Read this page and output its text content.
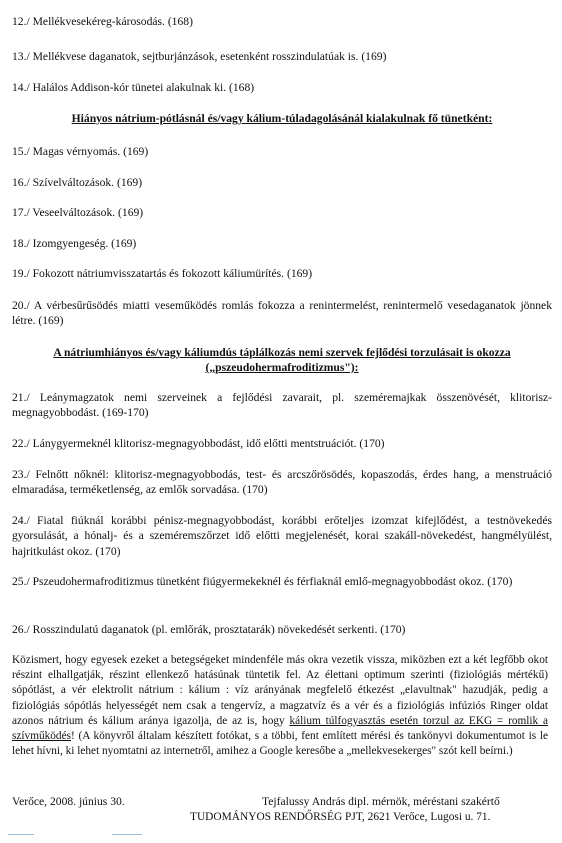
12./ Mellékvesekéreg-károsodás. (168)
13./ Mellékvese daganatok, sejtburjánzások, esetenként rosszindulatúak is. (169)
14./ Halálos Addison-kór tünetei alakulnak ki. (168)
Hiányos nátrium-pótlásnál és/vagy kálium-túladagolásánál kialakulnak fő tünetként:
15./ Magas vérnyomás. (169)
16./ Szívelváltozások. (169)
17./ Veseelváltozások. (169)
18./ Izomgyengeség. (169)
19./ Fokozott nátriumvisszatartás és fokozott káliumürítés. (169)
20./ A vérbesűrűsödés miatti veseműködés romlás fokozza a renintermelést, renintermelő vesedaganatok jönnek létre. (169)
A nátriumhiányos és/vagy káliumdús táplálkozás nemi szervek fejlődési torzulásait is okozza
(„pszeudohermafroditizmus"):
21./ Leánymagzatok nemi szerveinek a fejlődési zavarait, pl. szeméremajkak összenövését, klitorisz-megnagyobbodást. (169-170)
22./ Lánygyermeknél klitorisz-megnagyobbodást, idő előtti mentstruációt. (170)
23./ Felnőtt nőknél: klitorisz-megnagyobbodás, test- és arcszőrösödés, kopaszodás, érdes hang, a menstruáció elmaradása, terméketlenség, az emlők sorvadása. (170)
24./ Fiatal fiúknál korábbi pénisz-megnagyobbodást, korábbi erőteljes izomzat kifejlődést, a testnövekedés gyorsulását, a hónalj- és a szeméremszőrzet idő előtti megjelenését, korai szakáll-növekedést, hangmélyülést, hajritkulást okoz. (170)
25./ Pszeudohermafroditizmus tünetként fiúgyermekeknél és férfiaknál emlő-megnagyobbodást okoz. (170)
26./ Rosszindulatú daganatok (pl. emlőrák, prosztatarák) növekedését serkenti. (170)
Közismert, hogy egyesek ezeket a betegségeket mindenféle más okra vezetik vissza, miközben ezt a két legfőbb okot részint elhallgatják, részint ellenkező hatásúnak tüntetik fel. Az élettani optimum szerinti (fiziológiás mértékű) sópótlást, a vér elektrolit nátrium : kálium : víz arányának megfelelő étkezést „elavultnak" hazudják, pedig a fiziológiás sópótlás helyességét nem csak a tengervíz, a magzatvíz és a vér és a fiziológiás infúziós Ringer oldat azonos nátrium és kálium aránya igazolja, de az is, hogy kálium túlfogyasztás esetén torzul az EKG = romlik a szívműködés! (A könyvről általam készített fotókat, s a többi, fent említett mérési és tankönyvi dokumentumot is le lehet hívni, ki lehet nyomtatni az internetről, amihez a Google keresőbe a „mellekvesekerges" szót kell beírni.)
Verőce, 2008. június 30.	Tejfalussy András dipl. mérnök, méréstani szakértő
TUDOMÁNYOS RENDŐRSÉG PJT, 2621 Verőce, Lugosi u. 71.
